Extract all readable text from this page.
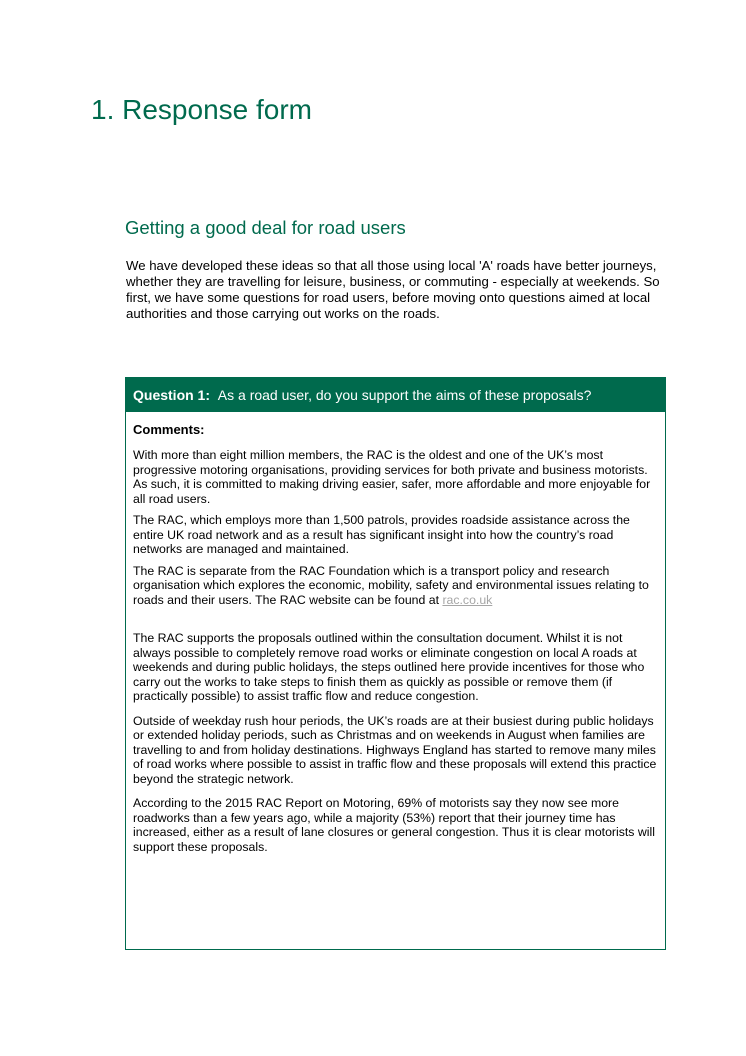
1. Response form
Getting a good deal for road users

We have developed these ideas so that all those using local 'A' roads have better journeys, whether they are travelling for leisure, business, or commuting - especially at weekends. So first, we have some questions for road users, before moving onto questions aimed at local authorities and those carrying out works on the roads.

Question 1: As a road user, do you support the aims of these proposals?

Comments:

With more than eight million members, the RAC is the oldest and one of the UK’s most progressive motoring organisations, providing services for both private and business motorists. As such, it is committed to making driving easier, safer, more affordable and more enjoyable for all road users.

The RAC, which employs more than 1,500 patrols, provides roadside assistance across the entire UK road network and as a result has significant insight into how the country’s road networks are managed and maintained.

The RAC is separate from the RAC Foundation which is a transport policy and research organisation which explores the economic, mobility, safety and environmental issues relating to roads and their users. The RAC website can be found at rac.co.uk

The RAC supports the proposals outlined within the consultation document. Whilst it is not always possible to completely remove road works or eliminate congestion on local A roads at weekends and during public holidays, the steps outlined here provide incentives for those who carry out the works to take steps to finish them as quickly as possible or remove them (if practically possible) to assist traffic flow and reduce congestion.

Outside of weekday rush hour periods, the UK’s roads are at their busiest during public holidays or extended holiday periods, such as Christmas and on weekends in August when families are travelling to and from holiday destinations. Highways England has started to remove many miles of road works where possible to assist in traffic flow and these proposals will extend this practice beyond the strategic network.

According to the 2015 RAC Report on Motoring, 69% of motorists say they now see more roadworks than a few years ago, while a majority (53%) report that their journey time has increased, either as a result of lane closures or general congestion. Thus it is clear motorists will support these proposals.
